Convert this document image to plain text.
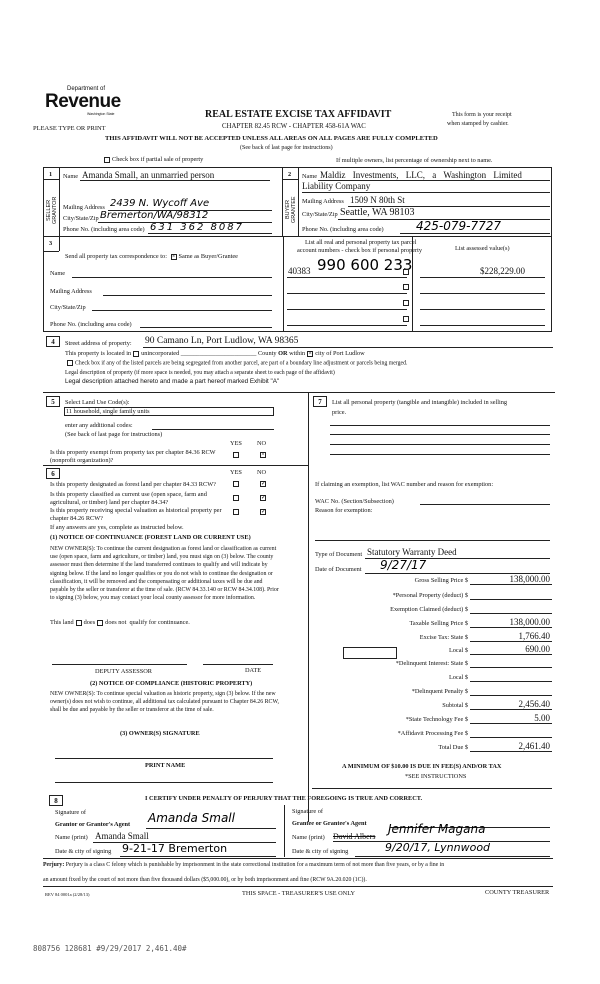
Department of
Revenue
Washington State
PLEASE TYPE OR PRINT
REAL ESTATE EXCISE TAX AFFIDAVIT
CHAPTER 82.45 RCW - CHAPTER 458-61A WAC
This form is your receipt
when stamped by cashier.
THIS AFFIDAVIT WILL NOT BE ACCEPTED UNLESS ALL AREAS ON ALL PAGES ARE FULLY COMPLETED
(See back of last page for instructions)
Check box if partial sale of property	If multiple owners, list percentage of ownership next to name.
1	2
SELLER GRANTOR	BUYER GRANTEE
Name Amanda Small, an unmarried person
Mailing Address 2439 N. Wycoff Ave
City/State/Zip Bremerton/WA/98312
Phone No. (including area code) 631 362 8087
Name Maldiz Investments, LLC, a Washington Limited
Liability Company
Mailing Address 1509 N 80th St
City/State/Zip Seattle, WA 98103
Phone No. (including area code)	425-079-7727
3
Send all property tax correspondence to: × Same as Buyer/Grantee
Name
Mailing Address
City/State/Zip
Phone No. (including area code)
List all real and personal property tax parcel
account numbers - check box if personal property	List assessed value(s)
40383 990 600 233	$228,229.00
4	Street address of property: 90 Camano Ln, Port Ludlow, WA 98365
This property is located in unincorporated ________________________ County OR within × city of Port Ludlow
Check box if any of the listed parcels are being segregated from another parcel, are part of a boundary line adjustment or parcels being merged.
Legal description of property (if more space is needed, you may attach a separate sheet to each page of the affidavit)
Legal description attached hereto and made a part hereof marked Exhibit "A"
5	Select Land Use Code(s):
11 household, single family units
enter any additional codes:
(See back of last page for instructions)
YES NO
Is this property exempt from property tax per chapter 84.36 RCW
(nonprofit organization)?
×
6	YES NO
Is this property designated as forest land per chapter 84.33 RCW?	✓
Is this property classified as current use (open space, farm and
agricultural, or timber) land per chapter 84.34?
✓
Is this property receiving special valuation as historical property per
chapter 84.26 RCW?
✓
If any answers are yes, complete as instructed below.
(1) NOTICE OF CONTINUANCE (FOREST LAND OR CURRENT USE)

NEW OWNER(S): To continue the current designation as forest land or classification as current use (open space, farm and agriculture, or timber) land, you must sign on (3) below. The county assessor must then determine if the land transferred continues to qualify and will indicate by signing below. If the land no longer qualifies or you do not wish to continue the designation or classification, it will be removed and the compensating or additional taxes will be due and payable by the seller or transferor at the time of sale. (RCW 84.33.140 or RCW 84.34.108). Prior to signing (3) below, you may contact your local county assessor for more information.

This land does does not qualify for continuance.
DEPUTY ASSESSOR	DATE
(2) NOTICE OF COMPLIANCE (HISTORIC PROPERTY)

NEW OWNER(S): To continue special valuation as historic property, sign (3) below. If the new owner(s) does not wish to continue, all additional tax calculated pursuant to Chapter 84.26 RCW, shall be due and payable by the seller or transferor at the time of sale.

(3) OWNER(S) SIGNATURE
PRINT NAME
7	List all personal property (tangible and intangible) included in selling
price.
If claiming an exemption, list WAC number and reason for exemption:
WAC No. (Section/Subsection)
Reason for exemption:
Type of Document Statutory Warranty Deed
Date of Document 9/27/17
Gross Selling Price $	138,000.00
*Personal Property (deduct) $
Exemption Claimed (deduct) $
Taxable Selling Price $	138,000.00
Excise Tax: State $	1,766.40
Local $	690.00
*Delinquent Interest: State $
Local $
*Delinquent Penalty $
Subtotal $	2,456.40
*State Technology Fee $	5.00
*Affidavit Processing Fee $
Total Due $	2,461.40
A MINIMUM OF $10.00 IS DUE IN FEE(S) AND/OR TAX
*SEE INSTRUCTIONS
8	I CERTIFY UNDER PENALTY OF PERJURY THAT THE FOREGOING IS TRUE AND CORRECT.
Signature of
Grantor or Grantor's Agent Amanda Small
Name (print) Amanda Small
Date & city of signing 9-21-17 Bremerton
Signature of
Grantee or Grantee's Agent
Name (print) David Albers
Jennifer Magana
Date & city of signing	9/20/17, Lynnwood
Perjury: Perjury is a class C felony which is punishable by imprisonment in the state correctional institution for a maximum term of not more than five years, or by a fine in
an amount fixed by the court of not more than five thousand dollars ($5,000.00), or by both imprisonment and fine (RCW 9A.20.020 (1C)).
REV 84 0001a (2/28/13)	THIS SPACE - TREASURER'S USE ONLY	COUNTY TREASURER
808756 128681 #9/29/2017 2,461.40#
